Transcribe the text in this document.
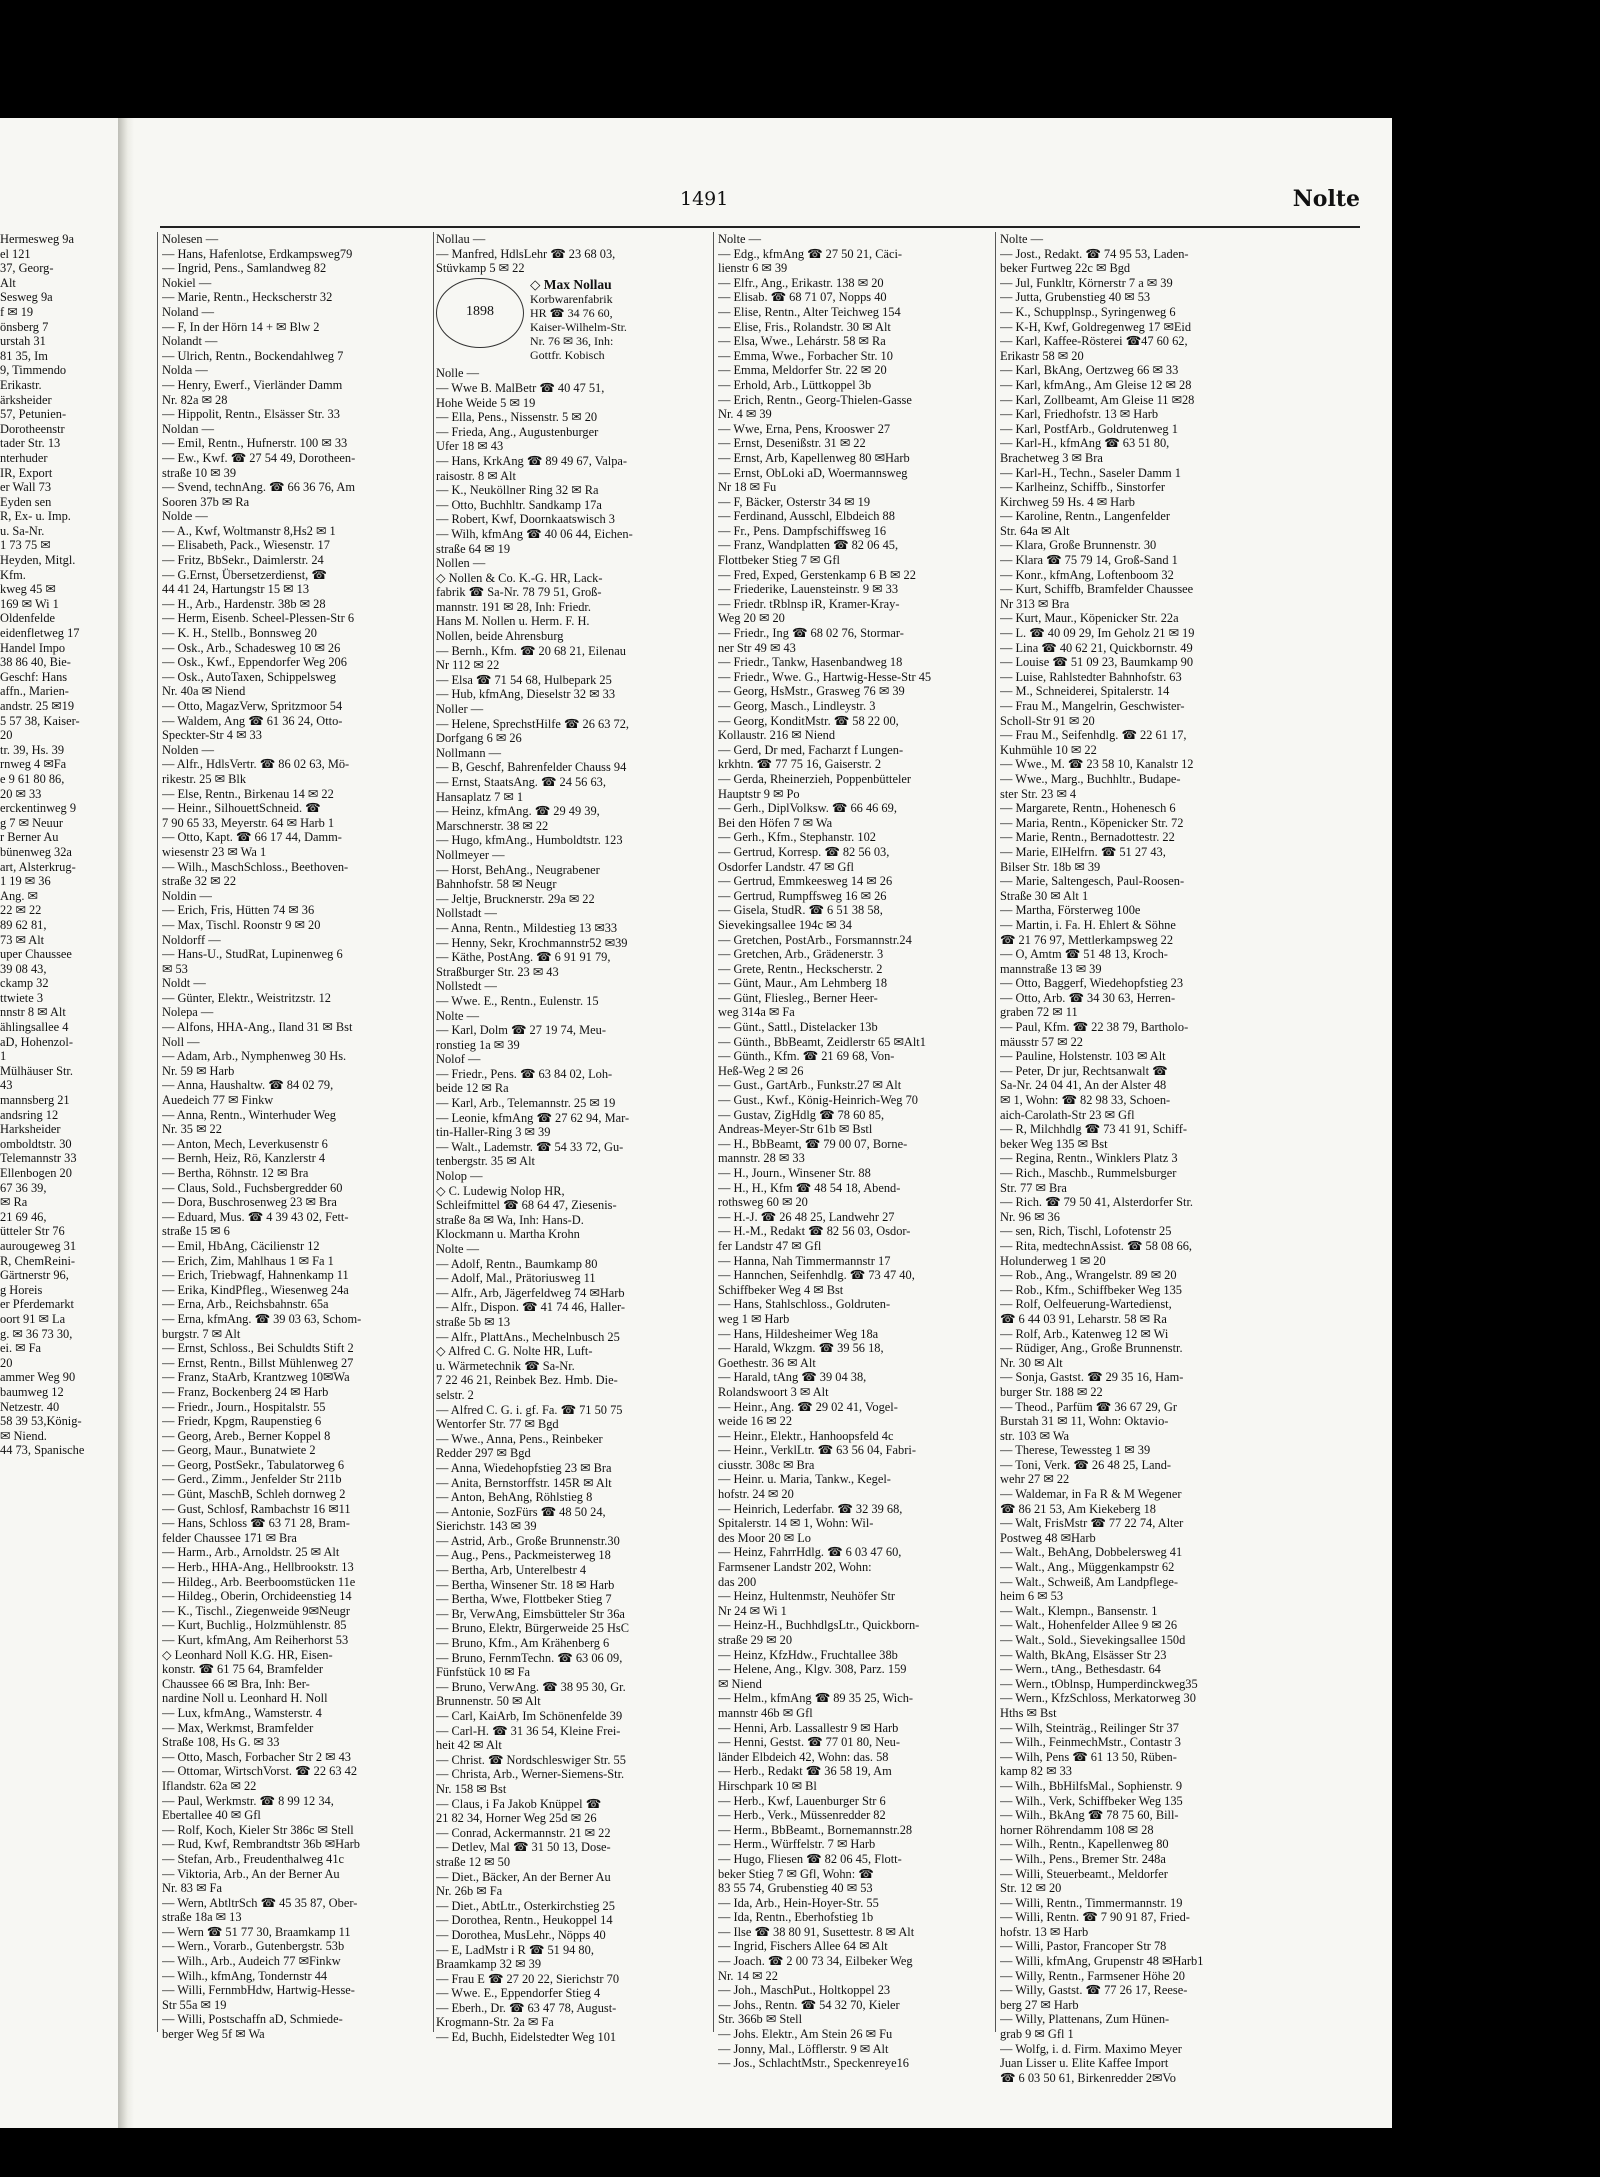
1491	Nolte
Hermesweg 9a
el 121
37, Georg-
Alt
Sesweg 9a
f ✉ 19
önsberg 7
urstah 31
81 35, Im
9, Timmendo
Erikastr.
ärksheider
57, Petunien-
Dorotheenstr
tader Str. 13
nterhuder
IR, Export
er Wall 73
Eyden sen
R, Ex- u. Imp.
u. Sa-Nr.
1 73 75 ✉
Heyden, Mitgl.
Kfm.
kweg 45 ✉
169 ✉ Wi 1
Oldenfelde
eidenfletweg 17
Handel Impo
38 86 40, Bie-
Geschf: Hans
affn., Marien-
andstr. 25 ✉19
5 57 38, Kaiser-
20
tr. 39, Hs. 39
rnweg 4 ✉Fa
e 9 61 80 86,
20 ✉ 33
erckentinweg 9
g 7 ✉ Neuur
r Berner Au
bünenweg 32a
art, Alsterkrug-
1 19 ✉ 36
Ang. ✉
22 ✉ 22
89 62 81,
73 ✉ Alt
uper Chaussee
39 08 43,
ckamp 32
ttwiete 3
nnstr 8 ✉ Alt
ählingsallee 4
aD, Hohenzol-
1
Mülhäuser Str.
43
mannsberg 21
andsring 12
Harksheider
omboldtstr. 30
Telemannstr 33
Ellenbogen 20
67 36 39,
✉ Ra
21 69 46,
ütteler Str 76
aurougeweg 31
R, ChemReini-
Gärtnerstr 96,
g Horeis
er Pferdemarkt
oort 91 ✉ La
g. ✉ 36 73 30,
ei. ✉ Fa
20
ammer Weg 90
baumweg 12
Netzestr. 40
58 39 53,König-
✉ Niend.
44 73, Spanische
Nolesen —
— Hans, Hafenlotse, Erdkampsweg79
— Ingrid, Pens., Samlandweg 82
Nokiel —
— Marie, Rentn., Heckscherstr 32
Noland —
— F, In der Hörn 14 + ✉ Blw 2
Nolandt —
— Ulrich, Rentn., Bockendahlweg 7
Nolda —
— Henry, Ewerf., Vierländer Damm
Nr. 82a ✉ 28
— Hippolit, Rentn., Elsässer Str. 33
Noldan —
— Emil, Rentn., Hufnerstr. 100 ✉ 33
— Ew., Kwf. ☎ 27 54 49, Dorotheen-
straße 10 ✉ 39
— Svend, technAng. ☎ 66 36 76, Am
Sooren 37b ✉ Ra
Nolde —
— A., Kwf, Woltmanstr 8,Hs2 ✉ 1
— Elisabeth, Pack., Wiesenstr. 17
— Fritz, BbSekr., Daimlerstr. 24
— G.Ernst, Übersetzerdienst, ☎
44 41 24, Hartungstr 15 ✉ 13
— H., Arb., Hardenstr. 38b ✉ 28
— Herm, Eisenb. Scheel-Plessen-Str 6
— K. H., Stellb., Bonnsweg 20
— Osk., Arb., Schadesweg 10 ✉ 26
— Osk., Kwf., Eppendorfer Weg 206
— Osk., AutoTaxen, Schippelsweg
Nr. 40a ✉ Niend
— Otto, MagazVerw, Spritzmoor 54
— Waldem, Ang ☎ 61 36 24, Otto-
Speckter-Str 4 ✉ 33
Nolden —
— Alfr., HdlsVertr. ☎ 86 02 63, Mö-
rikestr. 25 ✉ Blk
— Else, Rentn., Birkenau 14 ✉ 22
— Heinr., SilhouettSchneid. ☎
7 90 65 33, Meyerstr. 64 ✉ Harb 1
— Otto, Kapt. ☎ 66 17 44, Damm-
wiesenstr 23 ✉ Wa 1
— Wilh., MaschSchloss., Beethoven-
straße 32 ✉ 22
Noldin —
— Erich, Fris, Hütten 74 ✉ 36
— Max, Tischl. Roonstr 9 ✉ 20
Noldorff —
— Hans-U., StudRat, Lupinenweg 6
✉ 53
Noldt —
— Günter, Elektr., Weistritzstr. 12
Nolepa —
— Alfons, HHA-Ang., Iland 31 ✉ Bst
Noll —
— Adam, Arb., Nymphenweg 30 Hs.
Nr. 59 ✉ Harb
— Anna, Haushaltw. ☎ 84 02 79,
Auedeich 77 ✉ Finkw
— Anna, Rentn., Winterhuder Weg
Nr. 35 ✉ 22
— Anton, Mech, Leverkusenstr 6
— Bernh, Heiz, Rö, Kanzlerstr 4
— Bertha, Röhnstr. 12 ✉ Bra
— Claus, Sold., Fuchsbergredder 60
— Dora, Buschrosenweg 23 ✉ Bra
— Eduard, Mus. ☎ 4 39 43 02, Fett-
straße 15 ✉ 6
— Emil, HbAng, Cäcilienstr 12
— Erich, Zim, Mahlhaus 1 ✉ Fa 1
— Erich, Triebwagf, Hahnenkamp 11
— Erika, KindPfleg., Wiesenweg 24a
— Erna, Arb., Reichsbahnstr. 65a
— Erna, kfmAng. ☎ 39 03 63, Schom-
burgstr. 7 ✉ Alt
— Ernst, Schloss., Bei Schuldts Stift 2
— Ernst, Rentn., Billst Mühlenweg 27
— Franz, StaArb, Krantzweg 10✉Wa
— Franz, Bockenberg 24 ✉ Harb
— Friedr., Journ., Hospitalstr. 55
— Friedr, Kpgm, Raupenstieg 6
— Georg, Areb., Berner Koppel 8
— Georg, Maur., Bunatwiete 2
— Georg, PostSekr., Tabulatorweg 6
— Gerd., Zimm., Jenfelder Str 211b
— Günt, MaschB, Schleh dornweg 2
— Gust, Schlosf, Rambachstr 16 ✉11
— Hans, Schloss ☎ 63 71 28, Bram-
felder Chaussee 171 ✉ Bra
— Harm., Arb., Arnoldstr. 25 ✉ Alt
— Herb., HHA-Ang., Hellbrookstr. 13
— Hildeg., Arb. Beerboomstücken 11e
— Hildeg., Oberin, Orchideenstieg 14
— K., Tischl., Ziegenweide 9✉Neugr
— Kurt, Buchlig., Holzmühlenstr. 85
— Kurt, kfmAng, Am Reiherhorst 53
◇ Leonhard Noll K.G. HR, Eisen-
konstr. ☎ 61 75 64, Bramfelder
Chaussee 66 ✉ Bra, Inh: Ber-
nardine Noll u. Leonhard H. Noll
— Lux, kfmAng., Wamsterstr. 4
— Max, Werkmst, Bramfelder
Straße 108, Hs G. ✉ 33
— Otto, Masch, Forbacher Str 2 ✉ 43
— Ottomar, WirtschVorst. ☎ 22 63 42
Iflandstr. 62a ✉ 22
— Paul, Werkmstr. ☎ 8 99 12 34,
Ebertallee 40 ✉ Gfl
— Rolf, Koch, Kieler Str 386c ✉ Stell
— Rud, Kwf, Rembrandtstr 36b ✉Harb
— Stefan, Arb., Freudenthalweg 41c
— Viktoria, Arb., An der Berner Au
Nr. 83 ✉ Fa
— Wern, AbtltrSch ☎ 45 35 87, Ober-
straße 18a ✉ 13
— Wern ☎ 51 77 30, Braamkamp 11
— Wern., Vorarb., Gutenbergstr. 53b
— Wilh., Arb., Audeich 77 ✉Finkw
— Wilh., kfmAng, Tondernstr 44
— Willi, FernmbHdw, Hartwig-Hesse-
Str 55a ✉ 19
— Willi, Postschaffn aD, Schmiede-
berger Weg 5f ✉ Wa
Nollau —
— Manfred, HdlsLehr ☎ 23 68 03,
Stüvkamp 5 ✉ 22
1898
◇ Max Nollau
Korbwarenfabrik
HR ☎ 34 76 60,
Kaiser-Wilhelm-Str.
Nr. 76 ✉ 36, Inh:
Gottfr. Kobisch
Nolle —
— Wwe B. MalBetr ☎ 40 47 51,
Hohe Weide 5 ✉ 19
— Ella, Pens., Nissenstr. 5 ✉ 20
— Frieda, Ang., Augustenburger
Ufer 18 ✉ 43
— Hans, KrkAng ☎ 89 49 67, Valpa-
raisostr. 8 ✉ Alt
— K., Neuköllner Ring 32 ✉ Ra
— Otto, Buchhltr. Sandkamp 17a
— Robert, Kwf, Doornkaatswisch 3
— Wilh, kfmAng ☎ 40 06 44, Eichen-
straße 64 ✉ 19
Nollen —
◇ Nollen & Co. K.-G. HR, Lack-
fabrik ☎ Sa-Nr. 78 79 51, Groß-
mannstr. 191 ✉ 28, Inh: Friedr.
Hans M. Nollen u. Herm. F. H.
Nollen, beide Ahrensburg
— Bernh., Kfm. ☎ 20 68 21, Eilenau
Nr 112 ✉ 22
— Elsa ☎ 71 54 68, Hulbepark 25
— Hub, kfmAng, Dieselstr 32 ✉ 33
Noller —
— Helene, SprechstHilfe ☎ 26 63 72,
Dorfgang 6 ✉ 26
Nollmann —
— B, Geschf, Bahrenfelder Chauss 94
— Ernst, StaatsAng. ☎ 24 56 63,
Hansaplatz 7 ✉ 1
— Heinz, kfmAng. ☎ 29 49 39,
Marschnerstr. 38 ✉ 22
— Hugo, kfmAng., Humboldtstr. 123
Nollmeyer —
— Horst, BehAng., Neugrabener
Bahnhofstr. 58 ✉ Neugr
— Jeltje, Brucknerstr. 29a ✉ 22
Nollstadt —
— Anna, Rentn., Mildestieg 13 ✉33
— Henny, Sekr, Krochmannstr52 ✉39
— Käthe, PostAng. ☎ 6 91 91 79,
Straßburger Str. 23 ✉ 43
Nollstedt —
— Wwe. E., Rentn., Eulenstr. 15
Nolte —
— Karl, Dolm ☎ 27 19 74, Meu-
ronstieg 1a ✉ 39
Nolof —
— Friedr., Pens. ☎ 63 84 02, Loh-
beide 12 ✉ Ra
— Karl, Arb., Telemannstr. 25 ✉ 19
— Leonie, kfmAng ☎ 27 62 94, Mar-
tin-Haller-Ring 3 ✉ 39
— Walt., Lademstr. ☎ 54 33 72, Gu-
tenbergstr. 35 ✉ Alt
Nolop —
◇ C. Ludewig Nolop HR,
Schleifmittel ☎ 68 64 47, Ziesenis-
straße 8a ✉ Wa, Inh: Hans-D.
Klockmann u. Martha Krohn
Nolte —
— Adolf, Rentn., Baumkamp 80
— Adolf, Mal., Prätoriusweg 11
— Alfr., Arb, Jägerfeldweg 74 ✉Harb
— Alfr., Dispon. ☎ 41 74 46, Haller-
straße 5b ✉ 13
— Alfr., PlattAns., Mechelnbusch 25
◇ Alfred C. G. Nolte HR, Luft-
u. Wärmetechnik ☎ Sa-Nr.
7 22 46 21, Reinbek Bez. Hmb. Die-
selstr. 2
— Alfred C. G. i. gf. Fa. ☎ 71 50 75
Wentorfer Str. 77 ✉ Bgd
— Wwe., Anna, Pens., Reinbeker
Redder 297 ✉ Bgd
— Anna, Wiedehopfstieg 23 ✉ Bra
— Anita, Bernstorffstr. 145R ✉ Alt
— Anton, BehAng, Röhlstieg 8
— Antonie, SozFürs ☎ 48 50 24,
Sierichstr. 143 ✉ 39
— Astrid, Arb., Große Brunnenstr.30
— Aug., Pens., Packmeisterweg 18
— Bertha, Arb, Unterelbestr 4
— Bertha, Winsener Str. 18 ✉ Harb
— Bertha, Wwe, Flottbeker Stieg 7
— Br, VerwAng, Eimsbütteler Str 36a
— Bruno, Elektr, Bürgerweide 25 HsC
— Bruno, Kfm., Am Krähenberg 6
— Bruno, FernmTechn. ☎ 63 06 09,
Fünfstück 10 ✉ Fa
— Bruno, VerwAng. ☎ 38 95 30, Gr.
Brunnenstr. 50 ✉ Alt
— Carl, KaiArb, Im Schönenfelde 39
— Carl-H. ☎ 31 36 54, Kleine Frei-
heit 42 ✉ Alt
— Christ. ☎ Nordschleswiger Str. 55
— Christa, Arb., Werner-Siemens-Str.
Nr. 158 ✉ Bst
— Claus, i Fa Jakob Knüppel ☎
21 82 34, Horner Weg 25d ✉ 26
— Conrad, Ackermannstr. 21 ✉ 22
— Detlev, Mal ☎ 31 50 13, Dose-
straße 12 ✉ 50
— Diet., Bäcker, An der Berner Au
Nr. 26b ✉ Fa
— Diet., AbtLtr., Osterkirchstieg 25
— Dorothea, Rentn., Heukoppel 14
— Dorothea, MusLehr., Nöpps 40
— E, LadMstr i R ☎ 51 94 80,
Braamkamp 32 ✉ 39
— Frau E ☎ 27 20 22, Sierichstr 70
— Wwe. E., Eppendorfer Stieg 4
— Eberh., Dr. ☎ 63 47 78, August-
Krogmann-Str. 2a ✉ Fa
— Ed, Buchh, Eidelstedter Weg 101
Nolte —
— Edg., kfmAng ☎ 27 50 21, Cäci-
lienstr 6 ✉ 39
— Elfr., Ang., Erikastr. 138 ✉ 20
— Elisab. ☎ 68 71 07, Nopps 40
— Elise, Rentn., Alter Teichweg 154
— Elise, Fris., Rolandstr. 30 ✉ Alt
— Elsa, Wwe., Lehárstr. 58 ✉ Ra
— Emma, Wwe., Forbacher Str. 10
— Emma, Meldorfer Str. 22 ✉ 20
— Erhold, Arb., Lüttkoppel 3b
— Erich, Rentn., Georg-Thielen-Gasse
Nr. 4 ✉ 39
— Wwe, Erna, Pens, Krooswег 27
— Ernst, Desenißstr. 31 ✉ 22
— Ernst, Arb, Kapellenweg 80 ✉Harb
— Ernst, ObLoki aD, Woermannsweg
Nr 18 ✉ Fu
— F, Bäcker, Osterstr 34 ✉ 19
— Ferdinand, Ausschl, Elbdeich 88
— Fr., Pens. Dampfschiffsweg 16
— Franz, Wandplatten ☎ 82 06 45,
Flottbeker Stieg 7 ✉ Gfl
— Fred, Exped, Gerstenkamp 6 B ✉ 22
— Friederike, Lauensteinstr. 9 ✉ 33
— Friedr. tRblnsp iR, Kramer-Kray-
Weg 20 ✉ 20
— Friedr., Ing ☎ 68 02 76, Stormar-
ner Str 49 ✉ 43
— Friedr., Tankw, Hasenbandweg 18
— Friedr., Wwe. G., Hartwig-Hesse-Str 45
— Georg, HsMstr., Grasweg 76 ✉ 39
— Georg, Masch., Lindleystr. 3
— Georg, KonditMstr. ☎ 58 22 00,
Kollaustr. 216 ✉ Niend
— Gerd, Dr med, Facharzt f Lungen-
krkhtn. ☎ 77 75 16, Gaiserstr. 2
— Gerda, Rheinerzieh, Poppenbütteler
Hauptstr 9 ✉ Po
— Gerh., DiplVolksw. ☎ 66 46 69,
Bei den Höfen 7 ✉ Wa
— Gerh., Kfm., Stephanstr. 102
— Gertrud, Korresp. ☎ 82 56 03,
Osdorfer Landstr. 47 ✉ Gfl
— Gertrud, Emmkeesweg 14 ✉ 26
— Gertrud, Rumpffsweg 16 ✉ 26
— Gisela, StudR. ☎ 6 51 38 58,
Sievekingsallee 194c ✉ 34
— Gretchen, PostArb., Forsmannstr.24
— Gretchen, Arb., Grädenerstr. 3
— Grete, Rentn., Heckscherstr. 2
— Günt, Maur., Am Lehmberg 18
— Günt, Fliesleg., Berner Heer-
weg 314a ✉ Fa
— Günt., Sattl., Distelacker 13b
— Günth., BbBeamt, Zeidlerstr 65 ✉Alt1
— Günth., Kfm. ☎ 21 69 68, Von-
Heß-Weg 2 ✉ 26
— Gust., GartArb., Funkstr.27 ✉ Alt
— Gust., Kwf., König-Heinrich-Weg 70
— Gustav, ZigHdlg ☎ 78 60 85,
Andreas-Meyer-Str 61b ✉ Bstl
— H., BbBeamt, ☎ 79 00 07, Borne-
mannstr. 28 ✉ 33
— H., Journ., Winsener Str. 88
— H., H., Kfm ☎ 48 54 18, Abend-
rothsweg 60 ✉ 20
— H.-J. ☎ 26 48 25, Landwehr 27
— H.-M., Redakt ☎ 82 56 03, Osdor-
fer Landstr 47 ✉ Gfl
— Hanna, Nah Timmermannstr 17
— Hannchen, Seifenhdlg. ☎ 73 47 40,
Schiffbeker Weg 4 ✉ Bst
— Hans, Stahlschloss., Goldruten-
weg 1 ✉ Harb
— Hans, Hildesheimer Weg 18a
— Harald, Wkzgm. ☎ 39 56 18,
Goethestr. 36 ✉ Alt
— Harald, tAng ☎ 39 04 38,
Rolandswoort 3 ✉ Alt
— Heinr., Ang. ☎ 29 02 41, Vogel-
weide 16 ✉ 22
— Heinr., Elektr., Hanhoopsfeld 4c
— Heinr., VerklLtr. ☎ 63 56 04, Fabri-
ciusstr. 308c ✉ Bra
— Heinr. u. Maria, Tankw., Kegel-
hofstr. 24 ✉ 20
— Heinrich, Lederfabr. ☎ 32 39 68,
Spitalerstr. 14 ✉ 1, Wohn: Wil-
des Moor 20 ✉ Lo
— Heinz, FahrrHdlg. ☎ 6 03 47 60,
Farmsener Landstr 202, Wohn:
das 200
— Heinz, Hultenmstr, Neuhöfer Str
Nr 24 ✉ Wi 1
— Heinz-H., BuchhdlgsLtr., Quickborn-
straße 29 ✉ 20
— Heinz, KfzHdw., Fruchtallee 38b
— Helene, Ang., Klgv. 308, Parz. 159
✉ Niend
— Helm., kfmAng ☎ 89 35 25, Wich-
mannstr 46b ✉ Gfl
— Henni, Arb. Lassallestr 9 ✉ Harb
— Henni, Gestst. ☎ 77 01 80, Neu-
länder Elbdeich 42, Wohn: das. 58
— Herb., Redakt ☎ 36 58 19, Am
Hirschpark 10 ✉ Bl
— Herb., Kwf, Lauenburger Str 6
— Herb., Verk., Müssenredder 82
— Herm., BbBeamt., Bornemannstr.28
— Herm., Würffelstr. 7 ✉ Harb
— Hugo, Fliesen ☎ 82 06 45, Flott-
beker Stieg 7 ✉ Gfl, Wohn: ☎
83 55 74, Grubenstieg 40 ✉ 53
— Ida, Arb., Hein-Hoyer-Str. 55
— Ida, Rentn., Eberhofstieg 1b
— Ilse ☎ 38 80 91, Susettestr. 8 ✉ Alt
— Ingrid, Fischers Allee 64 ✉ Alt
— Joach. ☎ 2 00 73 34, Eilbeker Weg
Nr. 14 ✉ 22
— Joh., MaschPut., Holtkoppel 23
— Johs., Rentn. ☎ 54 32 70, Kieler
Str. 366b ✉ Stell
— Johs. Elektr., Am Stein 26 ✉ Fu
— Jonny, Mal., Löfflerstr. 9 ✉ Alt
— Jos., SchlachtMstr., Speckenreye16
Nolte —
— Jost., Redakt. ☎ 74 95 53, Laden-
beker Furtweg 22c ✉ Bgd
— Jul, Funkltr, Körnerstr 7 a ✉ 39
— Jutta, Grubenstieg 40 ✉ 53
— K., Schupplnsp., Syringenweg 6
— K-H, Kwf, Goldregenweg 17 ✉Eid
— Karl, Kaffee-Rösterei ☎47 60 62,
Erikastr 58 ✉ 20
— Karl, BkAng, Oertzweg 66 ✉ 33
— Karl, kfmAng., Am Gleise 12 ✉ 28
— Karl, Zollbeamt, Am Gleise 11 ✉28
— Karl, Friedhofstr. 13 ✉ Harb
— Karl, PostfArb., Goldrutenweg 1
— Karl-H., kfmAng ☎ 63 51 80,
Brachetweg 3 ✉ Bra
— Karl-H., Techn., Saseler Damm 1
— Karlheinz, Schiffb., Sinstorfer
Kirchweg 59 Hs. 4 ✉ Harb
— Karoline, Rentn., Langenfelder
Str. 64a ✉ Alt
— Klara, Große Brunnenstr. 30
— Klara ☎ 75 79 14, Groß-Sand 1
— Konr., kfmAng, Loftenboom 32
— Kurt, Schiffb, Bramfelder Chaussee
Nr 313 ✉ Bra
— Kurt, Maur., Köpenicker Str. 22a
— L. ☎ 40 09 29, Im Geholz 21 ✉ 19
— Lina ☎ 40 62 21, Quickbornstr. 49
— Louise ☎ 51 09 23, Baumkamp 90
— Luise, Rahlstedter Bahnhofstr. 63
— M., Schneiderei, Spitalerstr. 14
— Frau M., Mangelrin, Geschwister-
Scholl-Str 91 ✉ 20
— Frau M., Seifenhdlg. ☎ 22 61 17,
Kuhmühle 10 ✉ 22
— Wwe., M. ☎ 23 58 10, Kanalstr 12
— Wwe., Marg., Buchhltr., Budape-
ster Str. 23 ✉ 4
— Margarete, Rentn., Hohenesch 6
— Maria, Rentn., Köpenicker Str. 72
— Marie, Rentn., Bernadottestr. 22
— Marie, ElHelfrn. ☎ 51 27 43,
Bilser Str. 18b ✉ 39
— Marie, Saltengesch, Paul-Roosen-
Straße 30 ✉ Alt 1
— Martha, Försterweg 100e
— Martin, i. Fa. H. Ehlert & Söhne
☎ 21 76 97, Mettlerkampsweg 22
— O, Amtm ☎ 51 48 13, Kroch-
mannstraße 13 ✉ 39
— Otto, Baggerf, Wiedehopfstieg 23
— Otto, Arb. ☎ 34 30 63, Herren-
graben 72 ✉ 11
— Paul, Kfm. ☎ 22 38 79, Bartholo-
mäusstr 57 ✉ 22
— Pauline, Holstenstr. 103 ✉ Alt
— Peter, Dr jur, Rechtsanwalt ☎
Sa-Nr. 24 04 41, An der Alster 48
✉ 1, Wohn: ☎ 82 98 33, Schoen-
aich-Carolath-Str 23 ✉ Gfl
— R, Milchhdlg ☎ 73 41 91, Schiff-
beker Weg 135 ✉ Bst
— Regina, Rentn., Winklers Platz 3
— Rich., Maschb., Rummelsburger
Str. 77 ✉ Bra
— Rich. ☎ 79 50 41, Alsterdorfer Str.
Nr. 96 ✉ 36
— sen, Rich, Tischl, Lofotenstr 25
— Rita, medtechnAssist. ☎ 58 08 66,
Holunderweg 1 ✉ 20
— Rob., Ang., Wrangelstr. 89 ✉ 20
— Rob., Kfm., Schiffbeker Weg 135
— Rolf, Oelfeuerung-Wartedienst,
☎ 6 44 03 91, Leharstr. 58 ✉ Ra
— Rolf, Arb., Katenweg 12 ✉ Wi
— Rüdiger, Ang., Große Brunnenstr.
Nr. 30 ✉ Alt
— Sonja, Gastst. ☎ 29 35 16, Ham-
burger Str. 188 ✉ 22
— Theod., Parfüm ☎ 36 67 29, Gr
Burstah 31 ✉ 11, Wohn: Oktavio-
str. 103 ✉ Wa
— Therese, Tewessteg 1 ✉ 39
— Toni, Verk. ☎ 26 48 25, Land-
wehr 27 ✉ 22
— Waldemar, in Fa R & M Wegener
☎ 86 21 53, Am Kiekeberg 18
— Walt, FrisMstr ☎ 77 22 74, Alter
Postweg 48 ✉Harb
— Walt., BehAng, Dobbelersweg 41
— Walt., Ang., Müggenkampstr 62
— Walt., Schweiß, Am Landpflege-
heim 6 ✉ 53
— Walt., Klempn., Bansenstr. 1
— Walt., Hohenfelder Allee 9 ✉ 26
— Walt., Sold., Sievekingsallee 150d
— Walth, BkAng, Elsässer Str 23
— Wern., tAng., Bethesdastr. 64
— Wern., tOblnsp, Humperdinckweg35
— Wern., KfzSchloss, Merkatorweg 30
Hths ✉ Bst
— Wilh, Steinträg., Reilinger Str 37
— Wilh., FeinmechMstr., Contastr 3
— Wilh, Pens ☎ 61 13 50, Rüben-
kamp 82 ✉ 33
— Wilh., BbHilfsMal., Sophienstr. 9
— Wilh., Verk, Schiffbeker Weg 135
— Wilh., BkAng ☎ 78 75 60, Bill-
horner Röhrendamm 108 ✉ 28
— Wilh., Rentn., Kapellenweg 80
— Wilh., Pens., Bremer Str. 248a
— Willi, Steuerbeamt., Meldorfer
Str. 12 ✉ 20
— Willi, Rentn., Timmermannstr. 19
— Willi, Rentn. ☎ 7 90 91 87, Fried-
hofstr. 13 ✉ Harb
— Willi, Pastor, Francoper Str 78
— Willi, kfmAng, Grupenstr 48 ✉Harb1
— Willy, Rentn., Farmsener Höhe 20
— Willy, Gastst. ☎ 77 26 17, Reese-
berg 27 ✉ Harb
— Willy, Plattenans, Zum Hünen-
grab 9 ✉ Gfl 1
— Wolfg, i. d. Firm. Maximo Meyer
Juan Lisser u. Elite Kaffee Import
☎ 6 03 50 61, Birkenredder 2✉Vo
